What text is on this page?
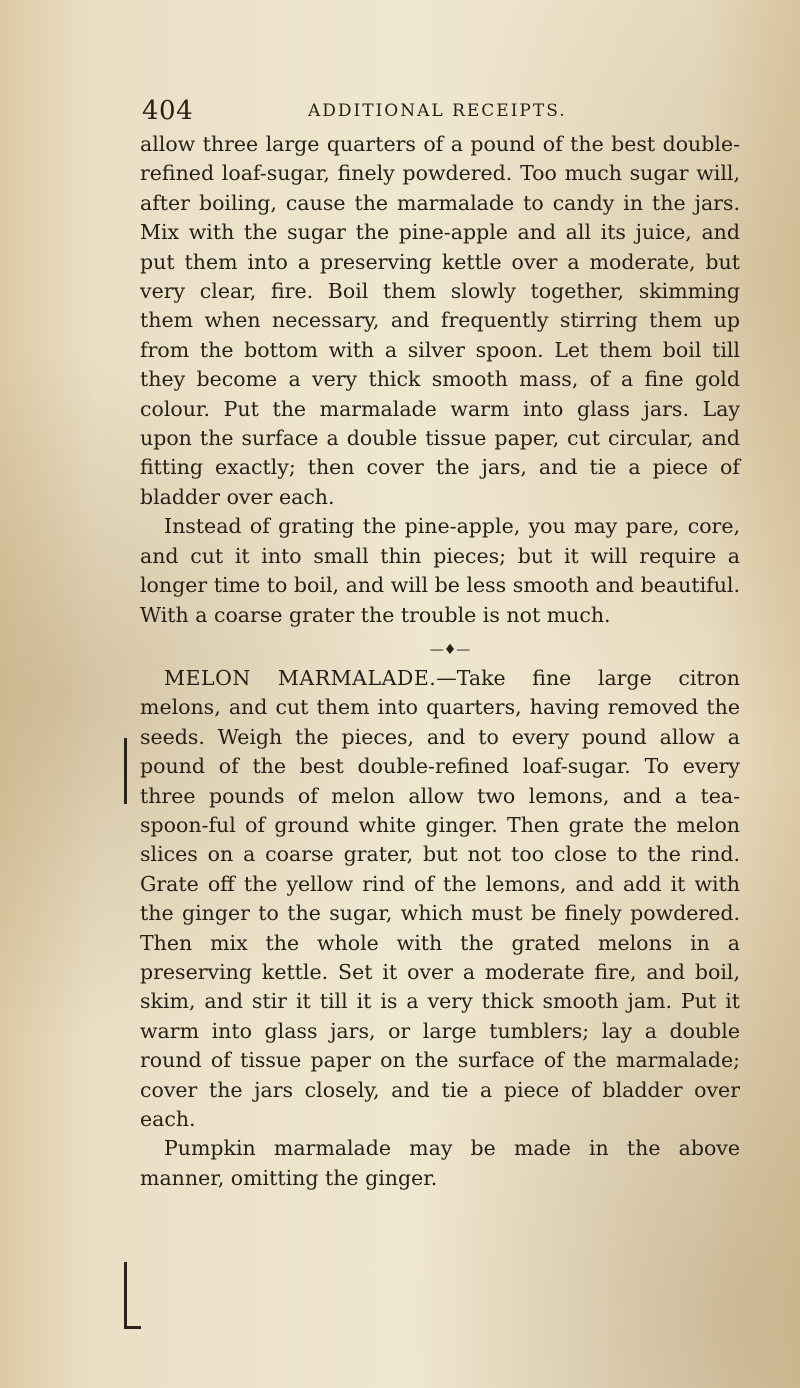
404	ADDITIONAL RECEIPTS.

allow three large quarters of a pound of the best double-refined loaf-sugar, finely powdered. Too much sugar will, after boiling, cause the marmalade to candy in the jars. Mix with the sugar the pine-apple and all its juice, and put them into a preserving kettle over a moderate, but very clear, fire. Boil them slowly together, skimming them when necessary, and frequently stirring them up from the bottom with a silver spoon. Let them boil till they become a very thick smooth mass, of a fine gold colour. Put the marmalade warm into glass jars. Lay upon the surface a double tissue paper, cut circular, and fitting exactly; then cover the jars, and tie a piece of bladder over each.

Instead of grating the pine-apple, you may pare, core, and cut it into small thin pieces; but it will require a longer time to boil, and will be less smooth and beautiful. With a coarse grater the trouble is not much.

—♦—

MELON MARMALADE.—Take fine large citron melons, and cut them into quarters, having removed the seeds. Weigh the pieces, and to every pound allow a pound of the best double-refined loaf-sugar. To every three pounds of melon allow two lemons, and a tea-spoon-ful of ground white ginger. Then grate the melon slices on a coarse grater, but not too close to the rind. Grate off the yellow rind of the lemons, and add it with the ginger to the sugar, which must be finely powdered. Then mix the whole with the grated melons in a preserving kettle. Set it over a moderate fire, and boil, skim, and stir it till it is a very thick smooth jam. Put it warm into glass jars, or large tumblers; lay a double round of tissue paper on the surface of the marmalade; cover the jars closely, and tie a piece of bladder over each.

Pumpkin marmalade may be made in the above manner, omitting the ginger.
